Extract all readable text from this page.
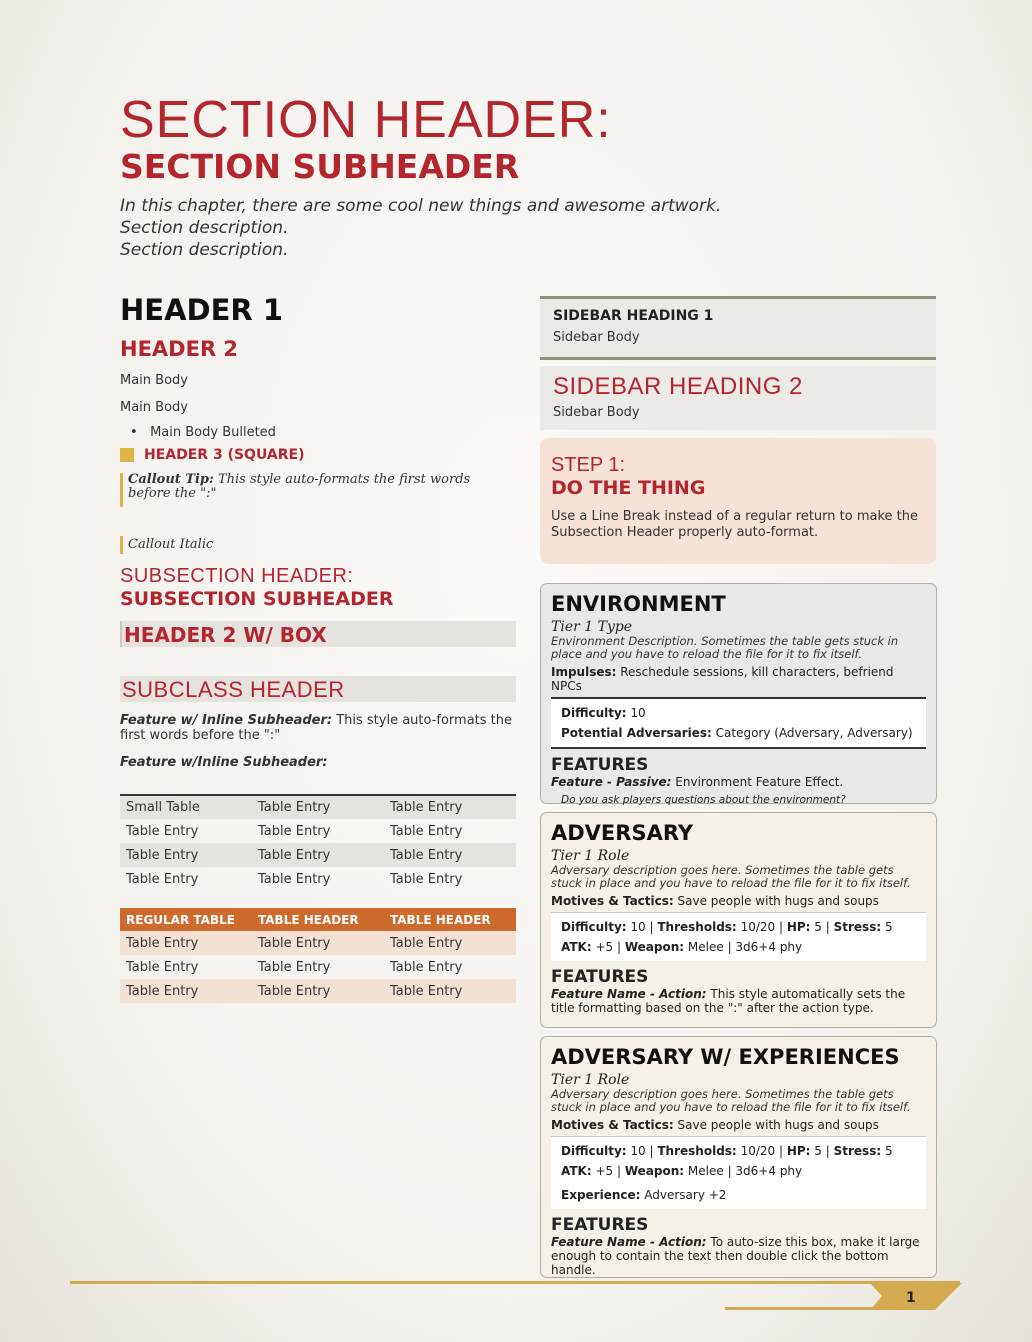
SECTION HEADER:
SECTION SUBHEADER
In this chapter, there are some cool new things and awesome artwork.
Section description.
Section description.
HEADER 1
HEADER 2
Main Body
Main Body
• Main Body Bulleted
HEADER 3 (SQUARE)
Callout Tip: This style auto-formats the first words before the ":"
Callout Italic
SUBSECTION HEADER:
SUBSECTION SUBHEADER
HEADER 2 W/ BOX
SUBCLASS HEADER
Feature w/ Inline Subheader: This style auto-formats the first words before the ":"
Feature w/Inline Subheader:
Small Table	Table Entry	Table Entry
Table Entry	Table Entry	Table Entry
Table Entry	Table Entry	Table Entry
Table Entry	Table Entry	Table Entry
REGULAR TABLE	TABLE HEADER	TABLE HEADER
Table Entry	Table Entry	Table Entry
Table Entry	Table Entry	Table Entry
Table Entry	Table Entry	Table Entry
SIDEBAR HEADING 1
Sidebar Body
SIDEBAR HEADING 2
Sidebar Body
STEP 1:
DO THE THING
Use a Line Break instead of a regular return to make the Subsection Header properly auto-format.
ENVIRONMENT
Tier 1 Type
Environment Description. Sometimes the table gets stuck in place and you have to reload the file for it to fix itself.
Impulses: Reschedule sessions, kill characters, befriend NPCs
Difficulty: 10
Potential Adversaries: Category (Adversary, Adversary)
FEATURES
Feature - Passive: Environment Feature Effect.
Do you ask players questions about the environment?
ADVERSARY
Tier 1 Role
Adversary description goes here. Sometimes the table gets stuck in place and you have to reload the file for it to fix itself.
Motives & Tactics: Save people with hugs and soups
Difficulty: 10 | Thresholds: 10/20 | HP: 5 | Stress: 5
ATK: +5 | Weapon: Melee | 3d6+4 phy
FEATURES
Feature Name - Action: This style automatically sets the title formatting based on the ":" after the action type.
ADVERSARY W/ EXPERIENCES
Tier 1 Role
Adversary description goes here. Sometimes the table gets stuck in place and you have to reload the file for it to fix itself.
Motives & Tactics: Save people with hugs and soups
Difficulty: 10 | Thresholds: 10/20 | HP: 5 | Stress: 5
ATK: +5 | Weapon: Melee | 3d6+4 phy
Experience: Adversary +2
FEATURES
Feature Name - Action: To auto-size this box, make it large enough to contain the text then double click the bottom handle.
1
